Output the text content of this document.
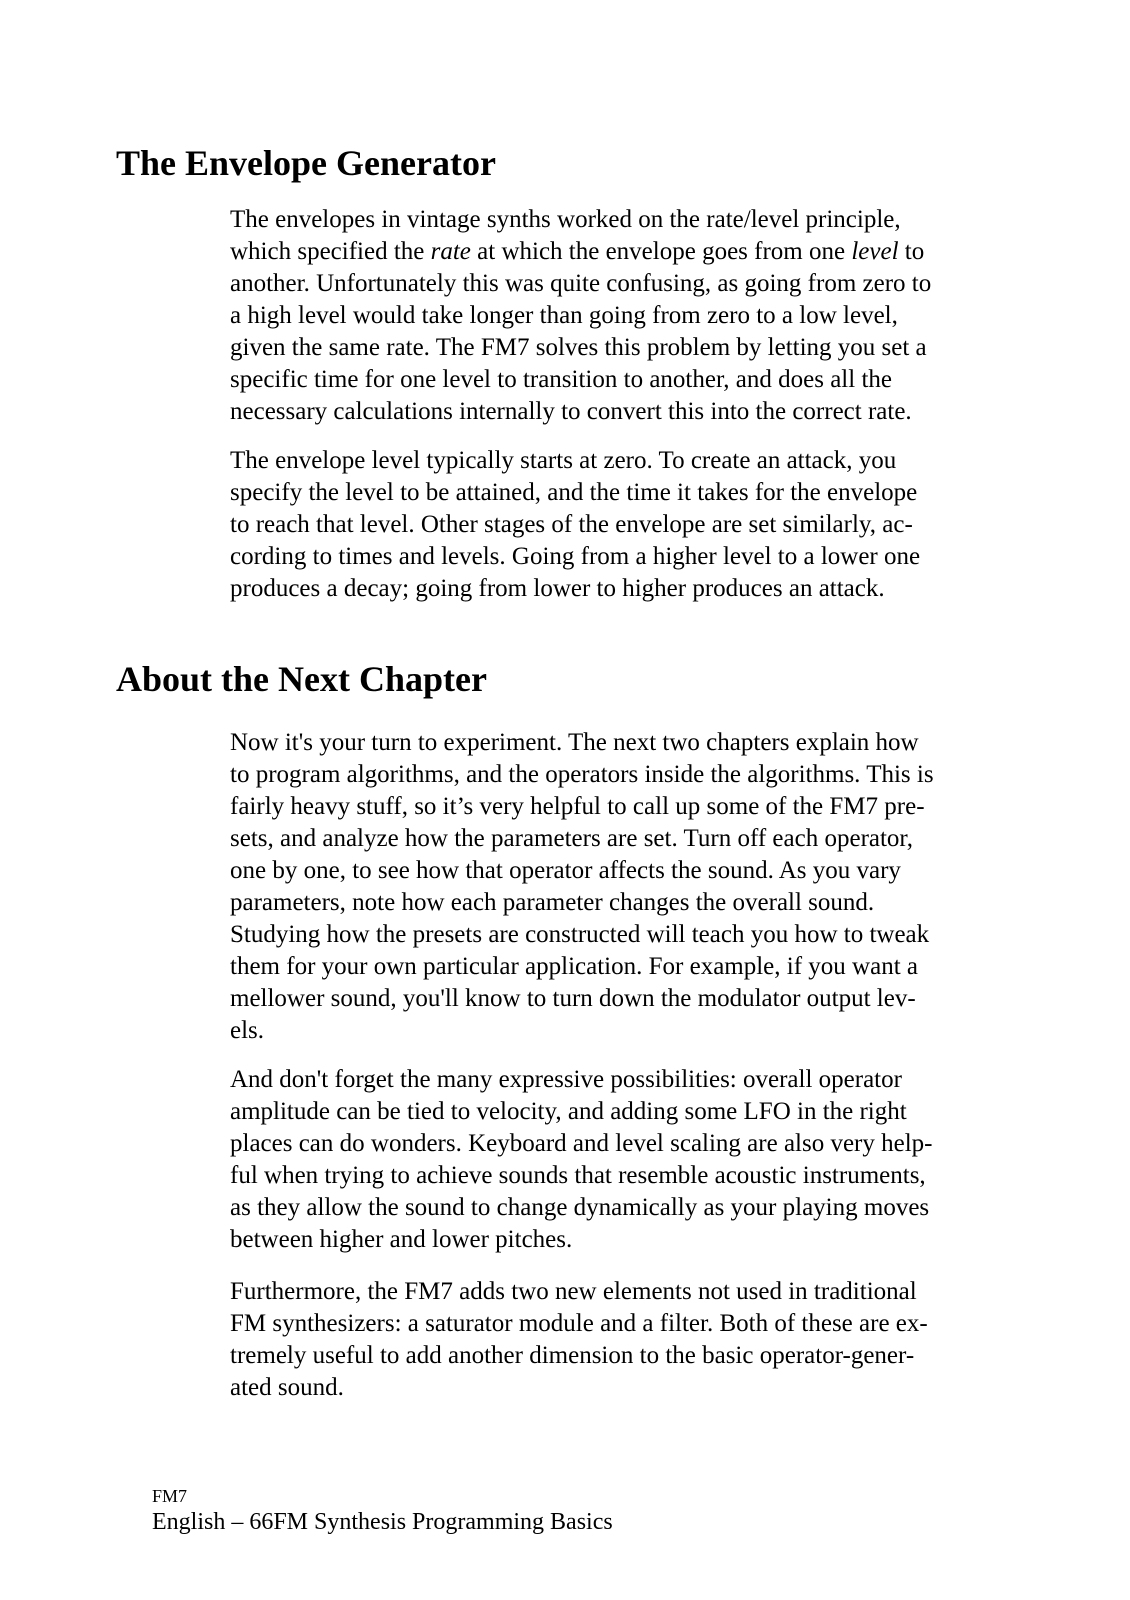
The Envelope Generator
The envelopes in vintage synths worked on the rate/level principle,
which specified the rate at which the envelope goes from one level to
another. Unfortunately this was quite confusing, as going from zero to
a high level would take longer than going from zero to a low level,
given the same rate. The FM7 solves this problem by letting you set a
specific time for one level to transition to another, and does all the
necessary calculations internally to convert this into the correct rate.
The envelope level typically starts at zero. To create an attack, you
specify the level to be attained, and the time it takes for the envelope
to reach that level. Other stages of the envelope are set similarly, ac-
cording to times and levels. Going from a higher level to a lower one
produces a decay; going from lower to higher produces an attack.
About the Next Chapter
Now it's your turn to experiment. The next two chapters explain how
to program algorithms, and the operators inside the algorithms. This is
fairly heavy stuff, so it’s very helpful to call up some of the FM7 pre-
sets, and analyze how the parameters are set. Turn off each operator,
one by one, to see how that operator affects the sound. As you vary
parameters, note how each parameter changes the overall sound.
Studying how the presets are constructed will teach you how to tweak
them for your own particular application. For example, if you want a
mellower sound, you'll know to turn down the modulator output lev-
els.
And don't forget the many expressive possibilities: overall operator
amplitude can be tied to velocity, and adding some LFO in the right
places can do wonders. Keyboard and level scaling are also very help-
ful when trying to achieve sounds that resemble acoustic instruments,
as they allow the sound to change dynamically as your playing moves
between higher and lower pitches.
Furthermore, the FM7 adds two new elements not used in traditional
FM synthesizers: a saturator module and a filter. Both of these are ex-
tremely useful to add another dimension to the basic operator-gener-
ated sound.
FM7
English – 66FM Synthesis Programming Basics
